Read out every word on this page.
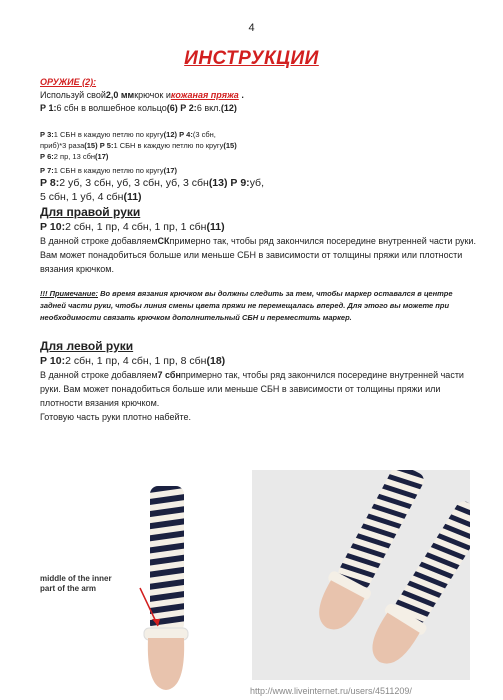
4
ИНСТРУКЦИИ

ОРУЖИЕ (2):

Используй свой2,0 ммкрючок икожаная пряжа .

Р 1:6 сбн в волшебное кольцо(6) Р 2:6 вкл.(12)

Р 3:1 СБН в каждую петлю по кругу(12) Р 4:(3 сбн, приб)*3 раза(15) Р 5:1 СБН в каждую петлю по кругу(15) Р 6:2 пр, 13 сбн(17)

Р 7:1 СБН в каждую петлю по кругу(17)

Р 8:2 уб, 3 сбн, уб, 3 сбн, уб, 3 сбн(13) Р 9:уб, 5 сбн, 1 уб, 4 сбн(11)

Для правой руки

Р 10:2 сбн, 1 пр, 4 сбн, 1 пр, 1 сбн(11)

В данной строке добавляемСКпримерно так, чтобы ряд закончился посередине внутренней части руки. Вам может понадобиться больше или меньше СБН в зависимости от толщины пряжи или плотности вязания крючком.

!!! Примечание: Во время вязания крючком вы должны следить за тем, чтобы маркер оставался в центре задней части руки, чтобы линия смены цвета пряжи не перемещалась вперед. Для этого вы можете при необходимости связать крючком дополнительный СБН и переместить маркер.

Для левой руки

Р 10:2 сбн, 1 пр, 4 сбн, 1 пр, 8 сбн(18)

В данной строке добавляем7 сбнпримерно так, чтобы ряд закончился посередине внутренней части руки. Вам может понадобиться больше или меньше СБН в зависимости от толщины пряжи или плотности вязания крючком.

Готовую часть руки плотно набейте.

middle of the inner
part of the arm
http://www.liveinternet.ru/users/4511209/
